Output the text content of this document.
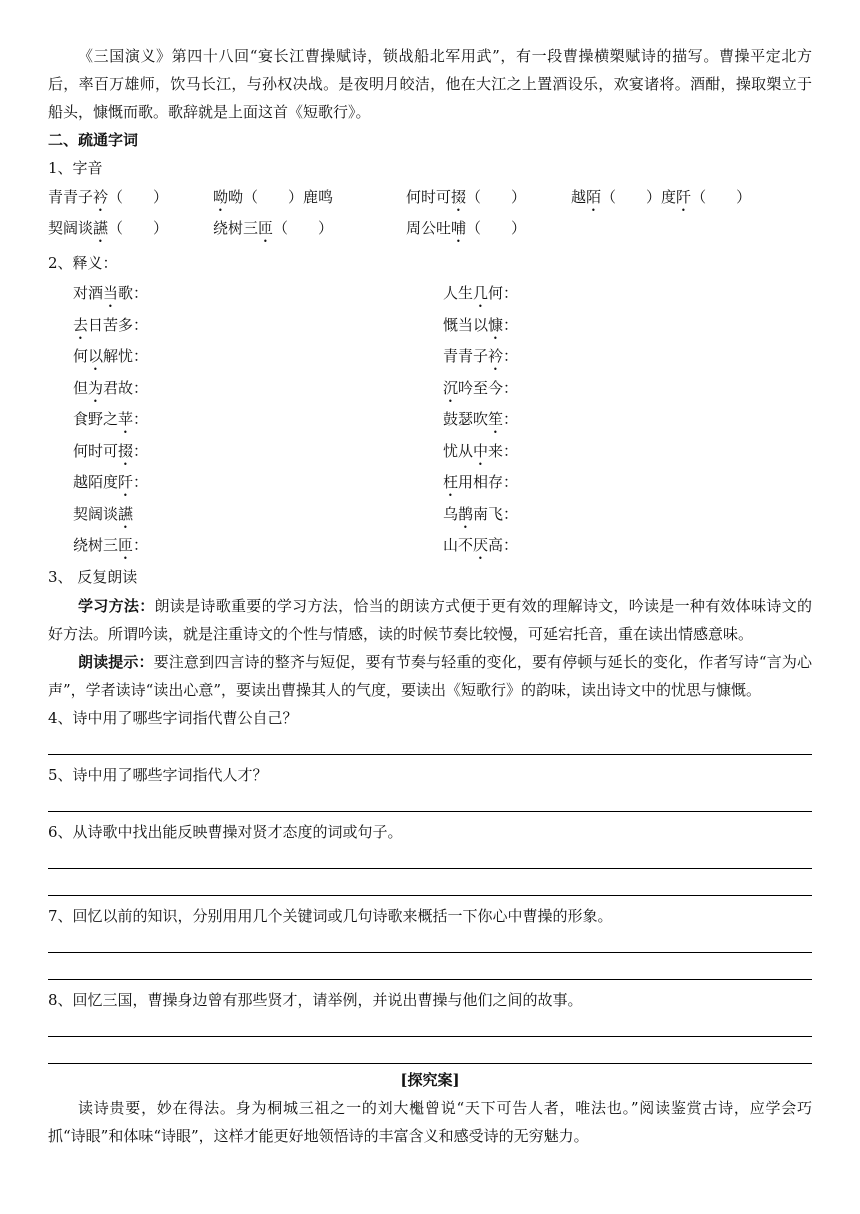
《三国演义》第四十八回“宴长江曹操赋诗，锁战船北军用武”，有一段曹操横槊赋诗的描写。曹操平定北方后，率百万雄师，饮马长江，与孙权决战。是夜明月皎洁，他在大江之上置酒设乐，欢宴诸将。酒酣，操取槊立于船头，慷慨而歌。歌辞就是上面这首《短歌行》。

二、疏通字词

1、字音

青青子衿（　　）	呦呦（　　）鹿鸣	何时可掇（　　）	越陌（　　）度阡（　　）
契阔谈讌（　　）	绕树三匝（　　）	周公吐哺（　　）

2、释义：

对酒当歌：	人生几何：
去日苦多：	慨当以慷：
何以解忧：	青青子衿：
但为君故：	沉吟至今：
食野之苹：	鼓瑟吹笙：
何时可掇：	忧从中来：
越陌度阡：	枉用相存：
契阔谈讌	乌鹊南飞：
绕树三匝：	山不厌高：

3、 反复朗读

学习方法：朗读是诗歌重要的学习方法，恰当的朗读方式便于更有效的理解诗文，吟读是一种有效体味诗文的好方法。所谓吟读，就是注重诗文的个性与情感，读的时候节奏比较慢，可延宕托音，重在读出情感意味。

朗读提示：要注意到四言诗的整齐与短促，要有节奏与轻重的变化，要有停顿与延长的变化，作者写诗“言为心声”，学者读诗“读出心意”，要读出曹操其人的气度，要读出《短歌行》的韵味，读出诗文中的忧思与慷慨。

4、诗中用了哪些字词指代曹公自己？

5、诗中用了哪些字词指代人才？

6、从诗歌中找出能反映曹操对贤才态度的词或句子。

7、回忆以前的知识，分别用用几个关键词或几句诗歌来概括一下你心中曹操的形象。

8、回忆三国，曹操身边曾有那些贤才，请举例，并说出曹操与他们之间的故事。

[探究案]

读诗贵要，妙在得法。身为桐城三祖之一的刘大櫆曾说“天下可告人者，唯法也。”阅读鉴赏古诗，应学会巧抓“诗眼”和体味“诗眼”，这样才能更好地领悟诗的丰富含义和感受诗的无穷魅力。
